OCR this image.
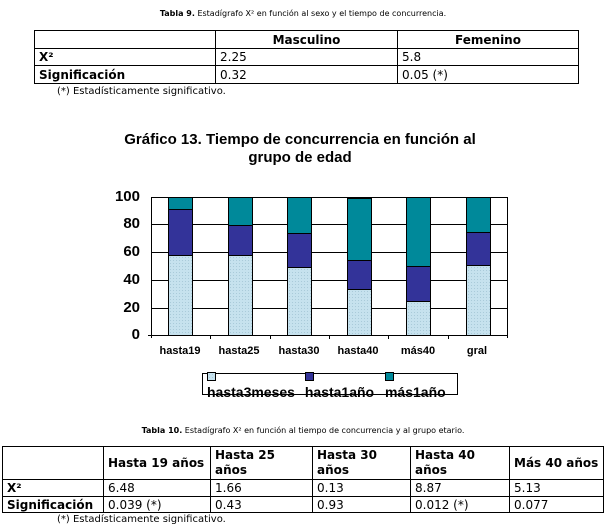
Tabla 9. Estadígrafo X² en función al sexo y el tiempo de concurrencia.
	Masculino	Femenino
X²	2.25	5.8
Significación	0.32	0.05 (*)
(*) Estadísticamente significativo.
Gráfico 13. Tiempo de concurrencia en función al
grupo de edad
100
80
60
40
20
0
hasta19	hasta25	hasta30	hasta40	más40	gral
hasta3meses hasta1año más1año
Tabla 10. Estadígrafo X² en función al tiempo de concurrencia y al grupo etario.
	Hasta 19 años	Hasta 25 años	Hasta 30 años	Hasta 40 años	Más 40 años
X²	6.48	1.66	0.13	8.87	5.13
Significación	0.039 (*)	0.43	0.93	0.012 (*)	0.077
(*) Estadísticamente significativo.
